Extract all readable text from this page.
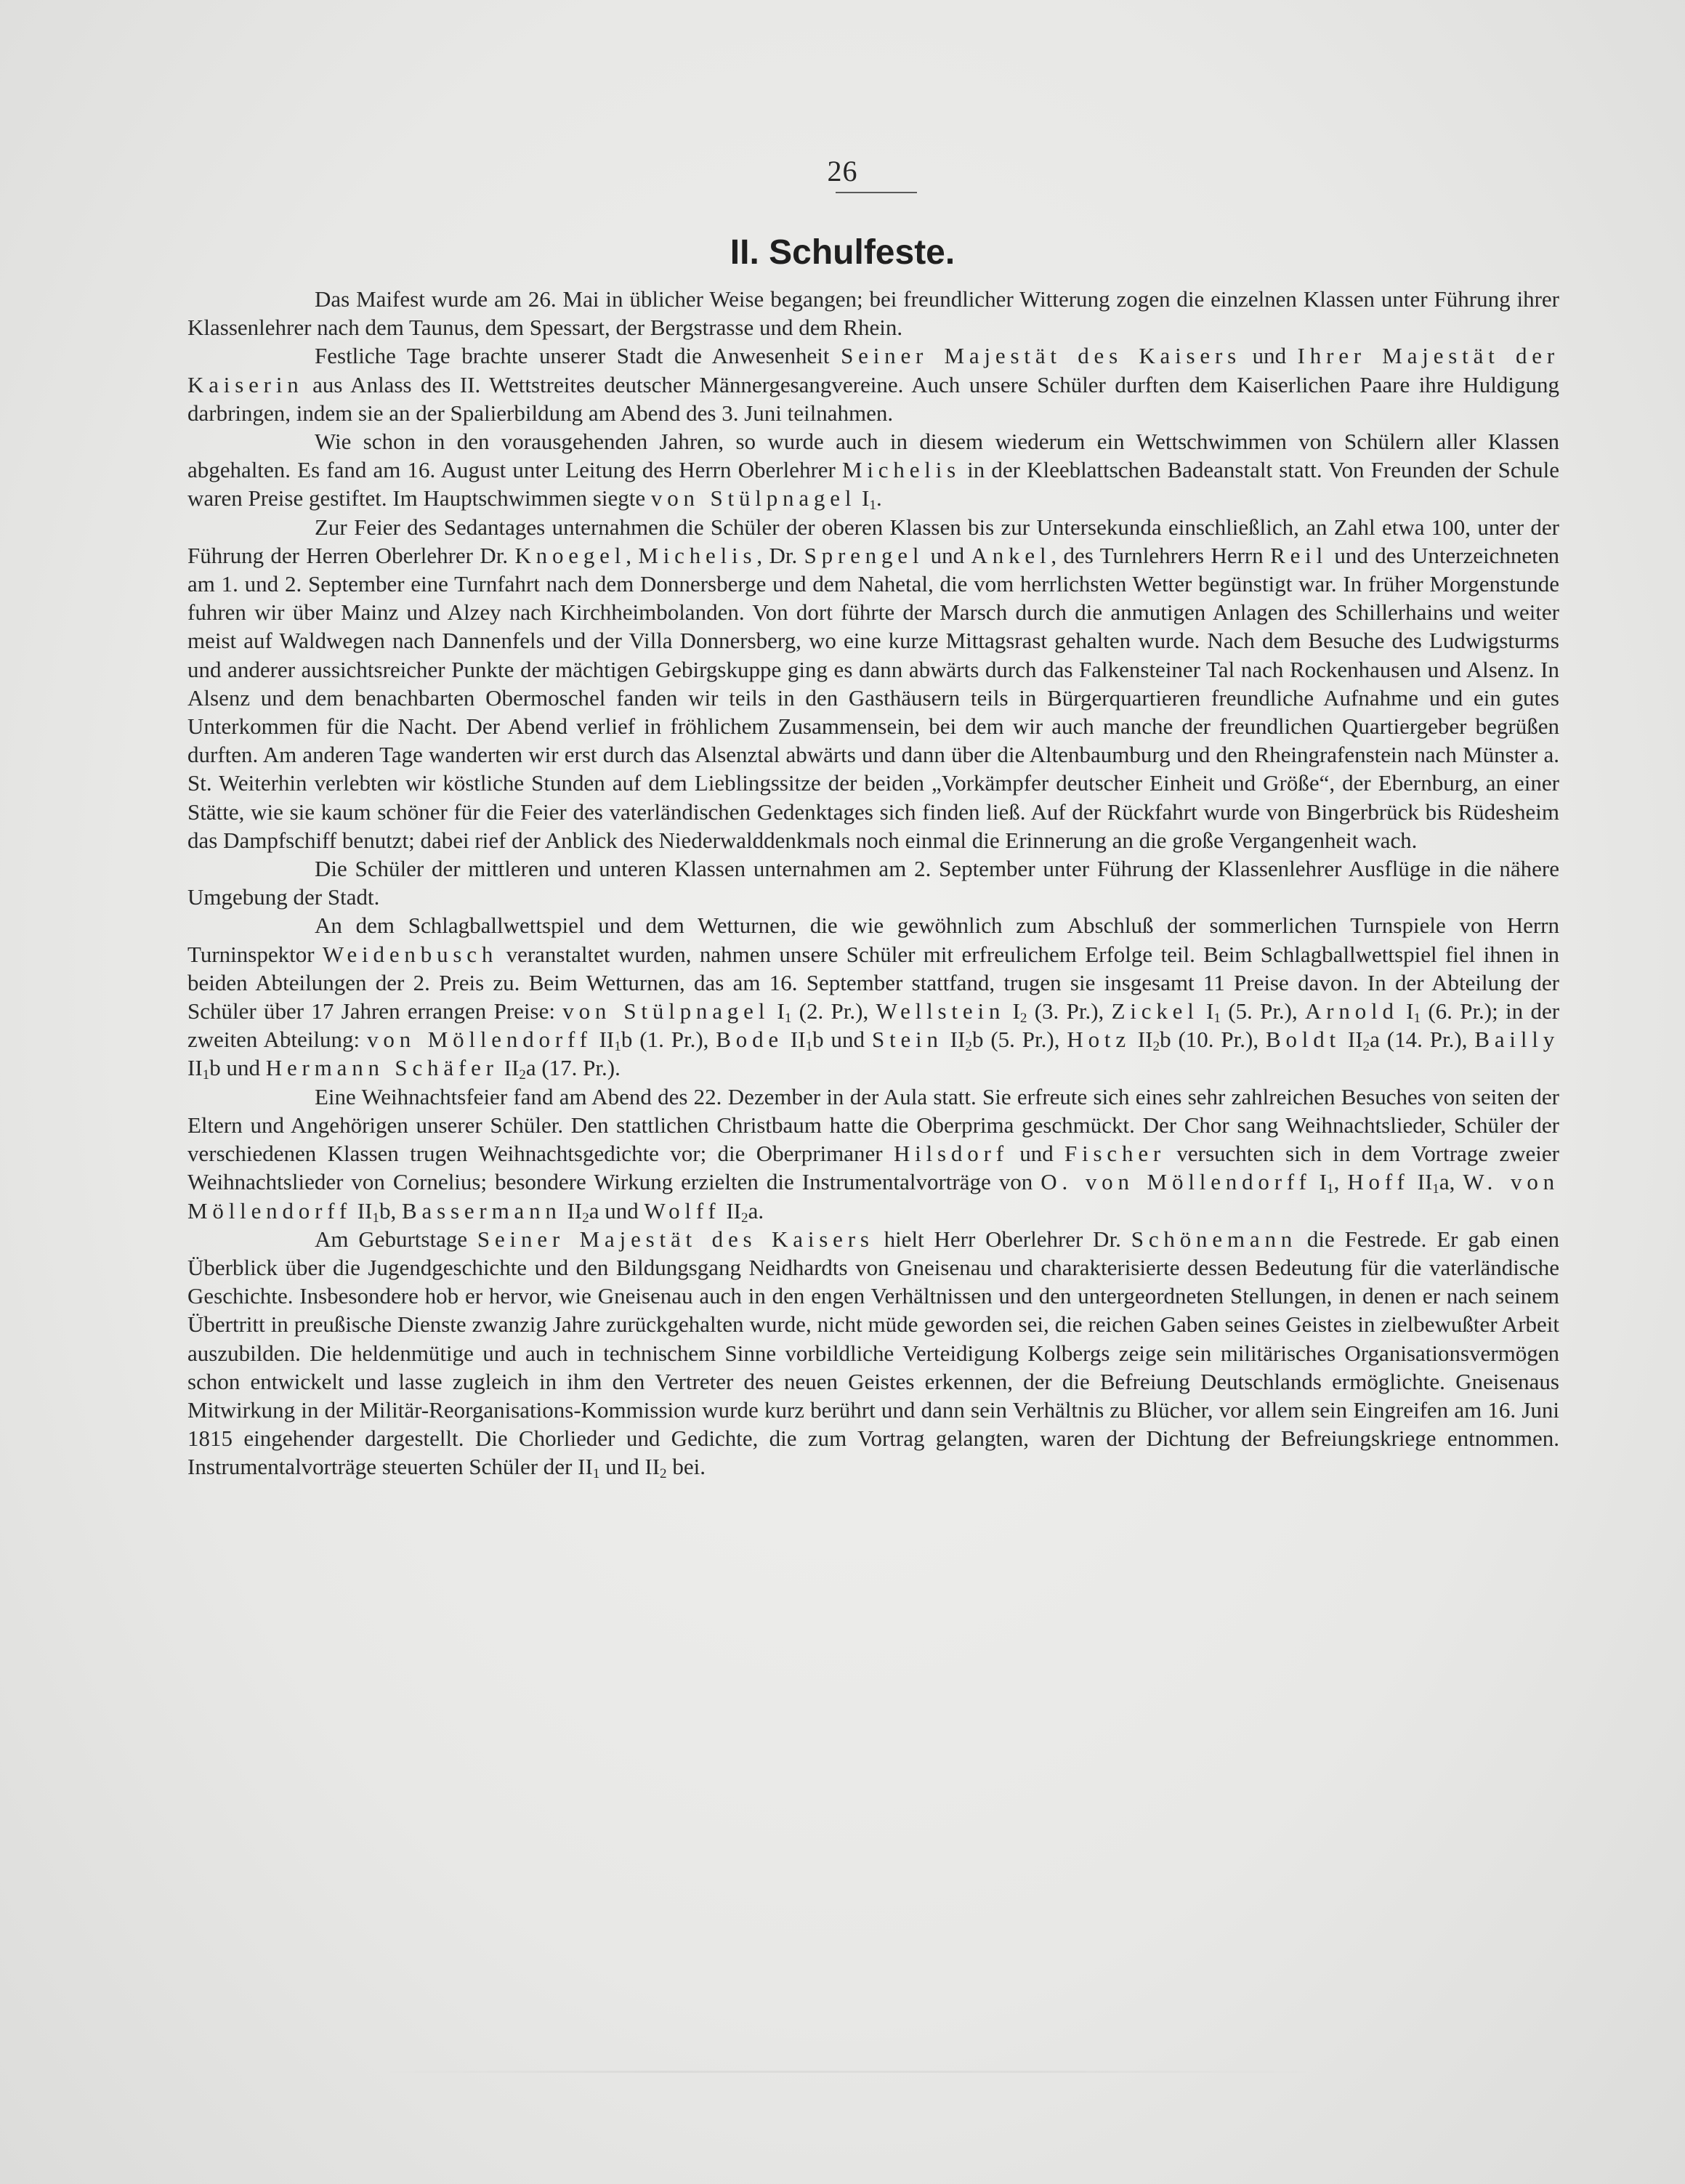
26
II. Schulfeste.

Das Maifest wurde am 26. Mai in üblicher Weise begangen; bei freundlicher Witterung zogen die einzelnen Klassen unter Führung ihrer Klassenlehrer nach dem Taunus, dem Spessart, der Bergstrasse und dem Rhein.

Festliche Tage brachte unserer Stadt die Anwesenheit Seiner Majestät des Kaisers und Ihrer Majestät der Kaiserin aus Anlass des II. Wettstreites deutscher Männergesangvereine. Auch unsere Schüler durften dem Kaiserlichen Paare ihre Huldigung darbringen, indem sie an der Spalierbildung am Abend des 3. Juni teilnahmen.

Wie schon in den vorausgehenden Jahren, so wurde auch in diesem wiederum ein Wettschwimmen von Schülern aller Klassen abgehalten. Es fand am 16. August unter Leitung des Herrn Oberlehrer Michelis in der Kleeblattschen Badeanstalt statt. Von Freunden der Schule waren Preise gestiftet. Im Hauptschwimmen siegte von Stülpnagel $I_1$.

Zur Feier des Sedantages unternahmen die Schüler der oberen Klassen bis zur Untersekunda einschließlich, an Zahl etwa 100, unter der Führung der Herren Oberlehrer Dr. Knoegel, Michelis, Dr. Sprengel und Ankel, des Turnlehrers Herrn Reil und des Unterzeichneten am 1. und 2. September eine Turnfahrt nach dem Donnersberge und dem Nahetal, die vom herrlichsten Wetter begünstigt war. In früher Morgenstunde fuhren wir über Mainz und Alzey nach Kirchheimbolanden. Von dort führte der Marsch durch die anmutigen Anlagen des Schillerhains und weiter meist auf Waldwegen nach Dannenfels und der Villa Donnersberg, wo eine kurze Mittagsrast gehalten wurde. Nach dem Besuche des Ludwigsturms und anderer aussichtsreicher Punkte der mächtigen Gebirgskuppe ging es dann abwärts durch das Falkensteiner Tal nach Rockenhausen und Alsenz. In Alsenz und dem benachbarten Obermoschel fanden wir teils in den Gasthäusern teils in Bürgerquartieren freundliche Aufnahme und ein gutes Unterkommen für die Nacht. Der Abend verlief in fröhlichem Zusammensein, bei dem wir auch manche der freundlichen Quartiergeber begrüßen durften. Am anderen Tage wanderten wir erst durch das Alsenztal abwärts und dann über die Altenbaumburg und den Rheingrafenstein nach Münster a. St. Weiterhin verlebten wir köstliche Stunden auf dem Lieblingssitze der beiden „Vorkämpfer deutscher Einheit und Größe“, der Ebernburg, an einer Stätte, wie sie kaum schöner für die Feier des vaterländischen Gedenktages sich finden ließ. Auf der Rückfahrt wurde von Bingerbrück bis Rüdesheim das Dampfschiff benutzt; dabei rief der Anblick des Niederwalddenkmals noch einmal die Erinnerung an die große Vergangenheit wach.

Die Schüler der mittleren und unteren Klassen unternahmen am 2. September unter Führung der Klassenlehrer Ausflüge in die nähere Umgebung der Stadt.

An dem Schlagballwettspiel und dem Wetturnen, die wie gewöhnlich zum Abschluß der sommerlichen Turnspiele von Herrn Turninspektor Weidenbusch veranstaltet wurden, nahmen unsere Schüler mit erfreulichem Erfolge teil. Beim Schlagballwettspiel fiel ihnen in beiden Abteilungen der 2. Preis zu. Beim Wetturnen, das am 16. September stattfand, trugen sie insgesamt 11 Preise davon. In der Abteilung der Schüler über 17 Jahren errangen Preise: von Stülpnagel $I_1$ (2. Pr.), Wellstein $I_2$ (3. Pr.), Zickel $I_1$ (5. Pr.), Arnold $I_1$ (6. Pr.); in der zweiten Abteilung: von Möllendorff $II_1b$ (1. Pr.), Bode $II_1b$ und Stein $II_2b$ (5. Pr.), Hotz $II_2b$ (10. Pr.), Boldt $II_2a$ (14. Pr.), Bailly $II_1b$ und Hermann Schäfer $II_2a$ (17. Pr.).

Eine Weihnachtsfeier fand am Abend des 22. Dezember in der Aula statt. Sie erfreute sich eines sehr zahlreichen Besuches von seiten der Eltern und Angehörigen unserer Schüler. Den stattlichen Christbaum hatte die Oberprima geschmückt. Der Chor sang Weihnachtslieder, Schüler der verschiedenen Klassen trugen Weihnachtsgedichte vor; die Oberprimaner Hilsdorf und Fischer versuchten sich in dem Vortrage zweier Weihnachtslieder von Cornelius; besondere Wirkung erzielten die Instrumentalvorträge von O. von Möllendorff $I_1$, Hoff $II_1a$, W. von Möllendorff $II_1b$, Bassermann $II_2a$ und Wolff $II_2a$.

Am Geburtstage Seiner Majestät des Kaisers hielt Herr Oberlehrer Dr. Schönemann die Festrede. Er gab einen Überblick über die Jugendgeschichte und den Bildungsgang Neidhardts von Gneisenau und charakterisierte dessen Bedeutung für die vaterländische Geschichte. Insbesondere hob er hervor, wie Gneisenau auch in den engen Verhältnissen und den untergeordneten Stellungen, in denen er nach seinem Übertritt in preußische Dienste zwanzig Jahre zurückgehalten wurde, nicht müde geworden sei, die reichen Gaben seines Geistes in zielbewußter Arbeit auszubilden. Die heldenmütige und auch in technischem Sinne vorbildliche Verteidigung Kolbergs zeige sein militärisches Organisationsvermögen schon entwickelt und lasse zugleich in ihm den Vertreter des neuen Geistes erkennen, der die Befreiung Deutschlands ermöglichte. Gneisenaus Mitwirkung in der Militär-Reorganisations-Kommission wurde kurz berührt und dann sein Verhältnis zu Blücher, vor allem sein Eingreifen am 16. Juni 1815 eingehender dargestellt. Die Chorlieder und Gedichte, die zum Vortrag gelangten, waren der Dichtung der Befreiungskriege entnommen. Instrumentalvorträge steuerten Schüler der $II_1$ und $II_2$ bei.
